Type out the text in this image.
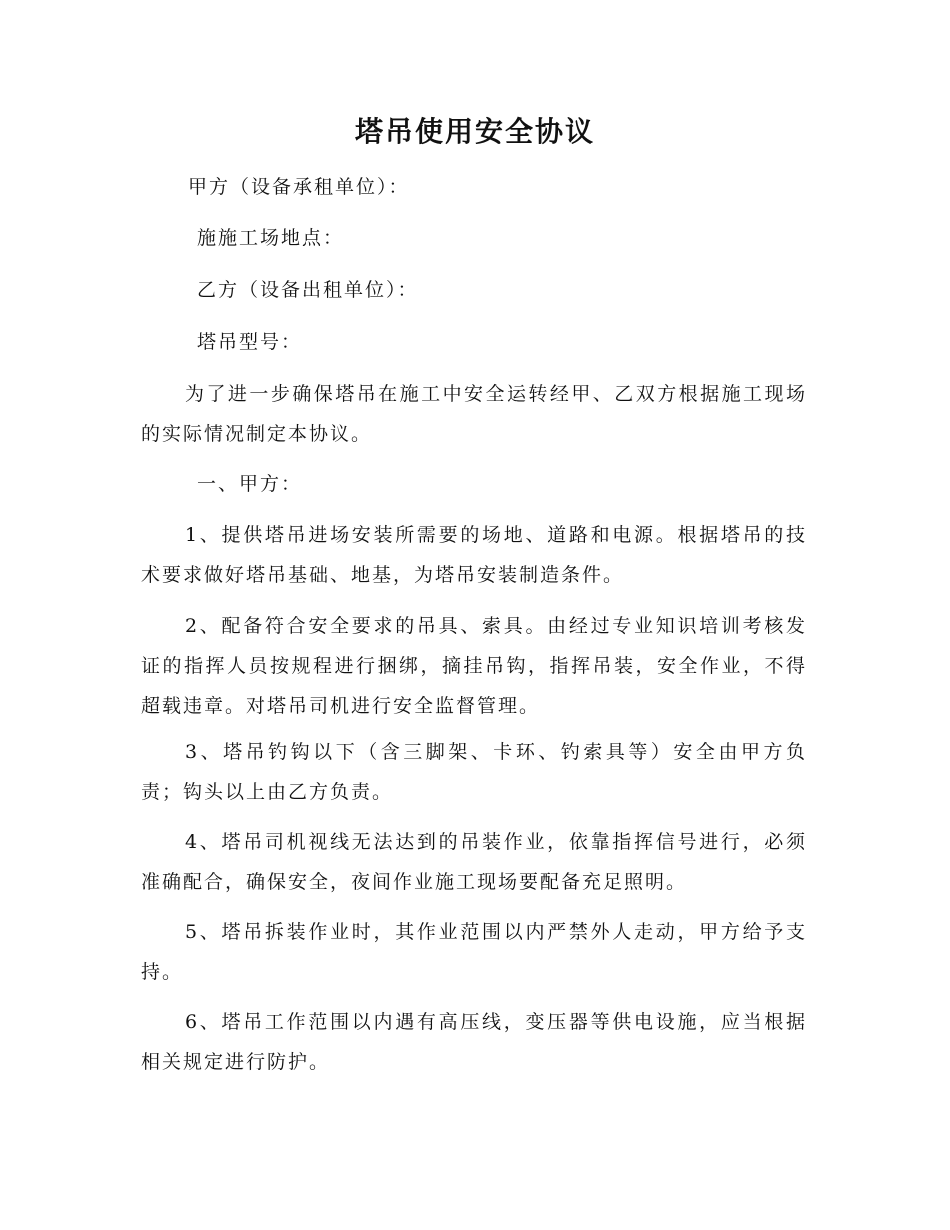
塔吊使用安全协议

甲方（设备承租单位）：

施施工场地点：

乙方（设备出租单位）：

塔吊型号：

为了进一步确保塔吊在施工中安全运转经甲、乙双方根据施工现场的实际情况制定本协议。

一、甲方：

1、提供塔吊进场安装所需要的场地、道路和电源。根据塔吊的技术要求做好塔吊基础、地基，为塔吊安装制造条件。

2、配备符合安全要求的吊具、索具。由经过专业知识培训考核发证的指挥人员按规程进行捆绑，摘挂吊钩，指挥吊装，安全作业，不得超载违章。对塔吊司机进行安全监督管理。

3、塔吊钓钩以下（含三脚架、卡环、钓索具等）安全由甲方负责；钩头以上由乙方负责。

4、塔吊司机视线无法达到的吊装作业，依靠指挥信号进行，必须准确配合，确保安全，夜间作业施工现场要配备充足照明。

5、塔吊拆装作业时，其作业范围以内严禁外人走动，甲方给予支持。

6、塔吊工作范围以内遇有高压线，变压器等供电设施，应当根据相关规定进行防护。
